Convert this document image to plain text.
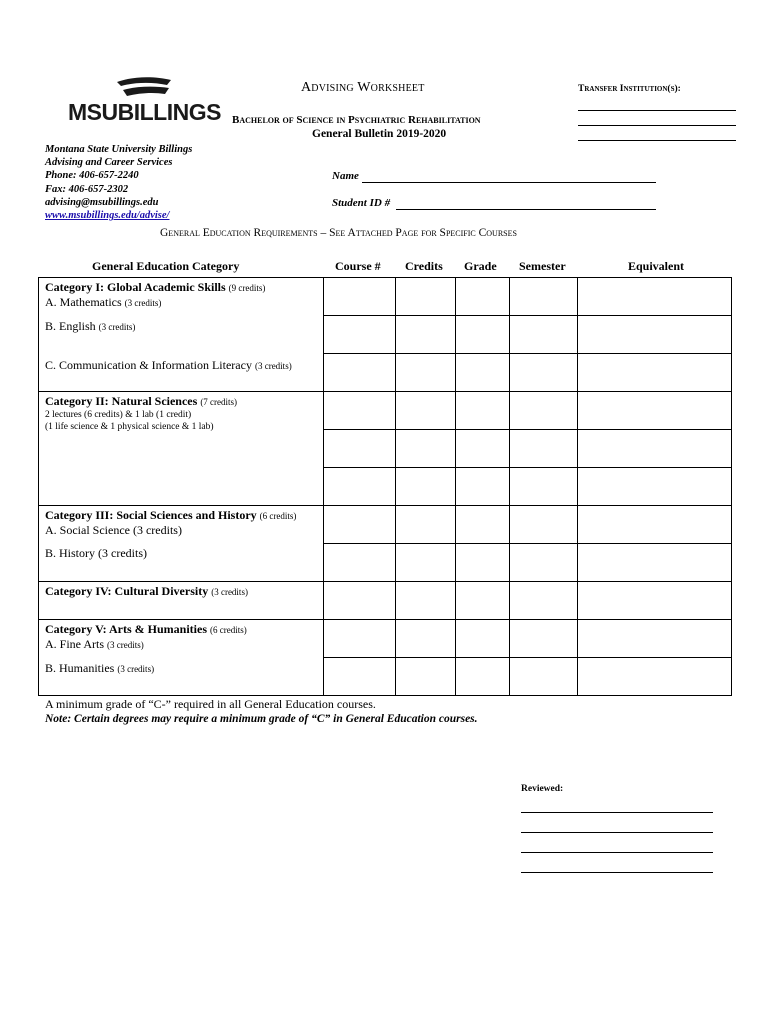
MSUBILLINGS
Advising Worksheet
Bachelor of Science in Psychiatric Rehabilitation
General Bulletin 2019-2020
Transfer Institution(s):
Montana State University Billings
Advising and Career Services
Phone: 406-657-2240
Fax: 406-657-2302
advising@msubillings.edu
www.msubillings.edu/advise/
Name
Student ID #
General Education Requirements – See Attached Page for Specific Courses
General Education Category	Course # Credits Grade Semester	Equivalent
Category I: Global Academic Skills (9 credits)
A. Mathematics (3 credits)
B. English (3 credits)
C. Communication & Information Literacy (3 credits)					

Category II: Natural Sciences (7 credits)
2 lectures (6 credits) & 1 lab (1 credit)
(1 life science & 1 physical science & 1 lab)					

Category III: Social Sciences and History (6 credits)
A. Social Science (3 credits)
B. History (3 credits)					

Category IV: Cultural Diversity (3 credits)					

Category V: Arts & Humanities (6 credits)
A. Fine Arts (3 credits)
B. Humanities (3 credits)					

A minimum grade of “C-” required in all General Education courses.
Note: Certain degrees may require a minimum grade of “C” in General Education courses.
Reviewed:
